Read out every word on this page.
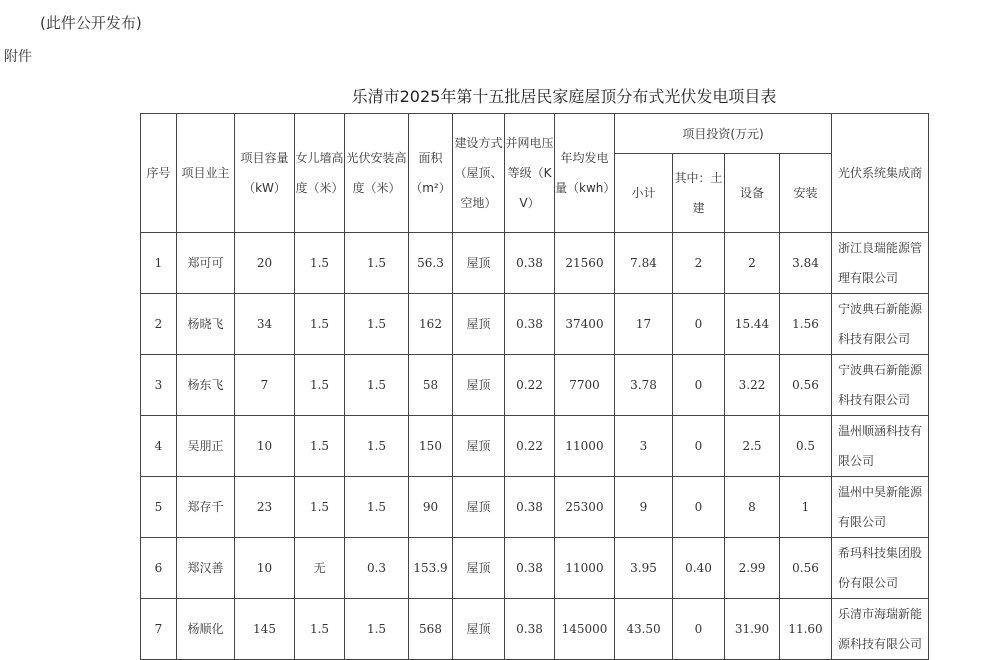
(此件公开发布)
附件
乐清市2025年第十五批居民家庭屋顶分布式光伏发电项目表
序号	项目业主	项目容量（kW）	女儿墙高度（米）	光伏安装高度（米）	面积（m²）	建设方式（屋顶、空地）	并网电压等级（KV）	年均发电量（kwh）	项目投资(万元)				光伏系统集成商
									小计	其中：土建	设备	安装	
1	郑可可	20	1.5	1.5	56.3	屋顶	0.38	21560	7.84	2	2	3.84	浙江良瑞能源管理有限公司
2	杨晓飞	34	1.5	1.5	162	屋顶	0.38	37400	17	0	15.44	1.56	宁波典石新能源科技有限公司
3	杨东飞	7	1.5	1.5	58	屋顶	0.22	7700	3.78	0	3.22	0.56	宁波典石新能源科技有限公司
4	吴朋正	10	1.5	1.5	150	屋顶	0.22	11000	3	0	2.5	0.5	温州顺涵科技有限公司
5	郑存千	23	1.5	1.5	90	屋顶	0.38	25300	9	0	8	1	温州中昊新能源有限公司
6	郑汉善	10	无	0.3	153.9	屋顶	0.38	11000	3.95	0.40	2.99	0.56	希玛科技集团股份有限公司
7	杨顺化	145	1.5	1.5	568	屋顶	0.38	145000	43.50	0	31.90	11.60	乐清市海瑞新能源科技有限公司
